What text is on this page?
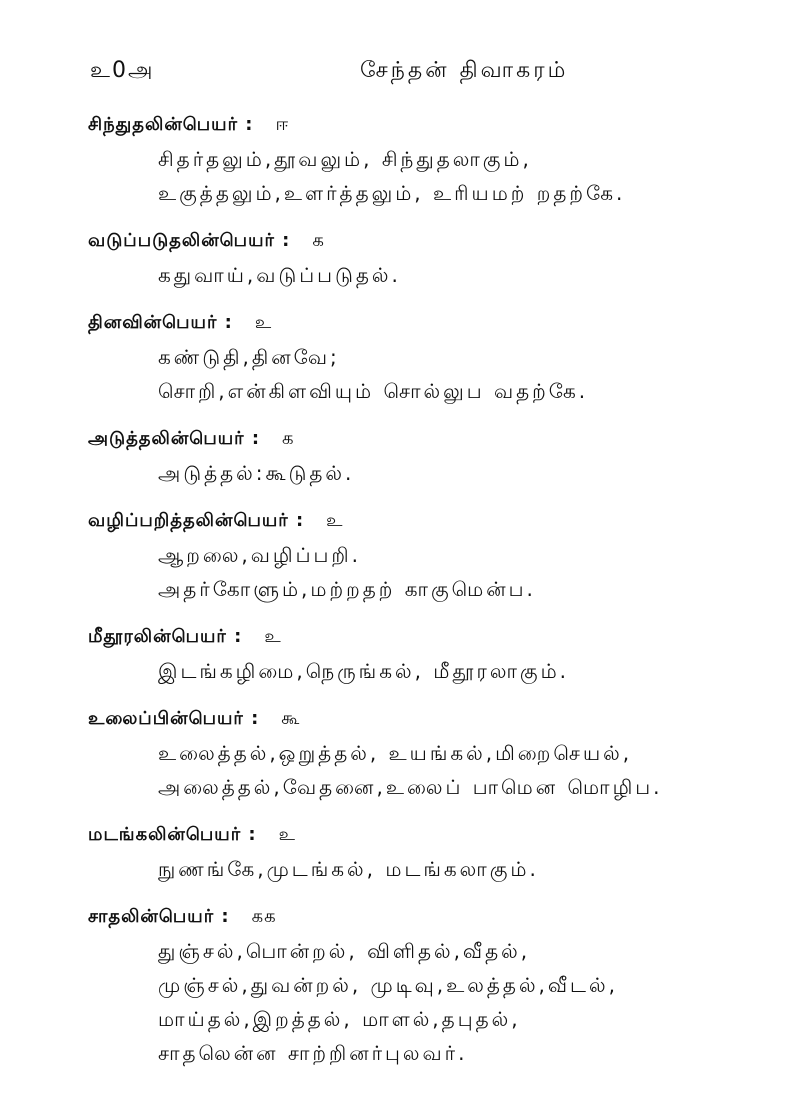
உ0அ	சேந்தன் திவாகரம்
சிந்துதலின்பெயர் : ஈ
சிதர்தலும்,தூவலும், சிந்துதலாகும்,
உகுத்தலும்,உளர்த்தலும், உரியமற் றதற்கே.
வடுப்படுதலின்பெயர் : க
கதுவாய்,வடுப்படுதல்.
தினவின்பெயர் : உ
கண்டுதி,தினவே;
சொறி,என்கிளவியும் சொல்லுப வதற்கே.
அடுத்தலின்பெயர் : க
அடுத்தல்:கூடுதல்.
வழிப்பறித்தலின்பெயர் : உ
ஆறலை,வழிப்பறி.
அதர்கோளும்,மற்றதற் காகுமென்ப.
மீதூரலின்பெயர் : உ
இடங்கழிமை,நெருங்கல், மீதூரலாகும்.
உலைப்பின்பெயர் : கூ
உலைத்தல்,ஒறுத்தல், உயங்கல்,மிறைசெயல்,
அலைத்தல்,வேதனை,உலைப் பாமென மொழிப.
மடங்கலின்பெயர் : உ
நுணங்கே,முடங்கல், மடங்கலாகும்.
சாதலின்பெயர் : கக
துஞ்சல்,பொன்றல், விளிதல்,வீதல்,
முஞ்சல்,துவன்றல், முடிவு,உலத்தல்,வீடல்,
மாய்தல்,இறத்தல், மாளல்,தபுதல்,
சாதலென்ன சாற்றினர்புலவர்.
